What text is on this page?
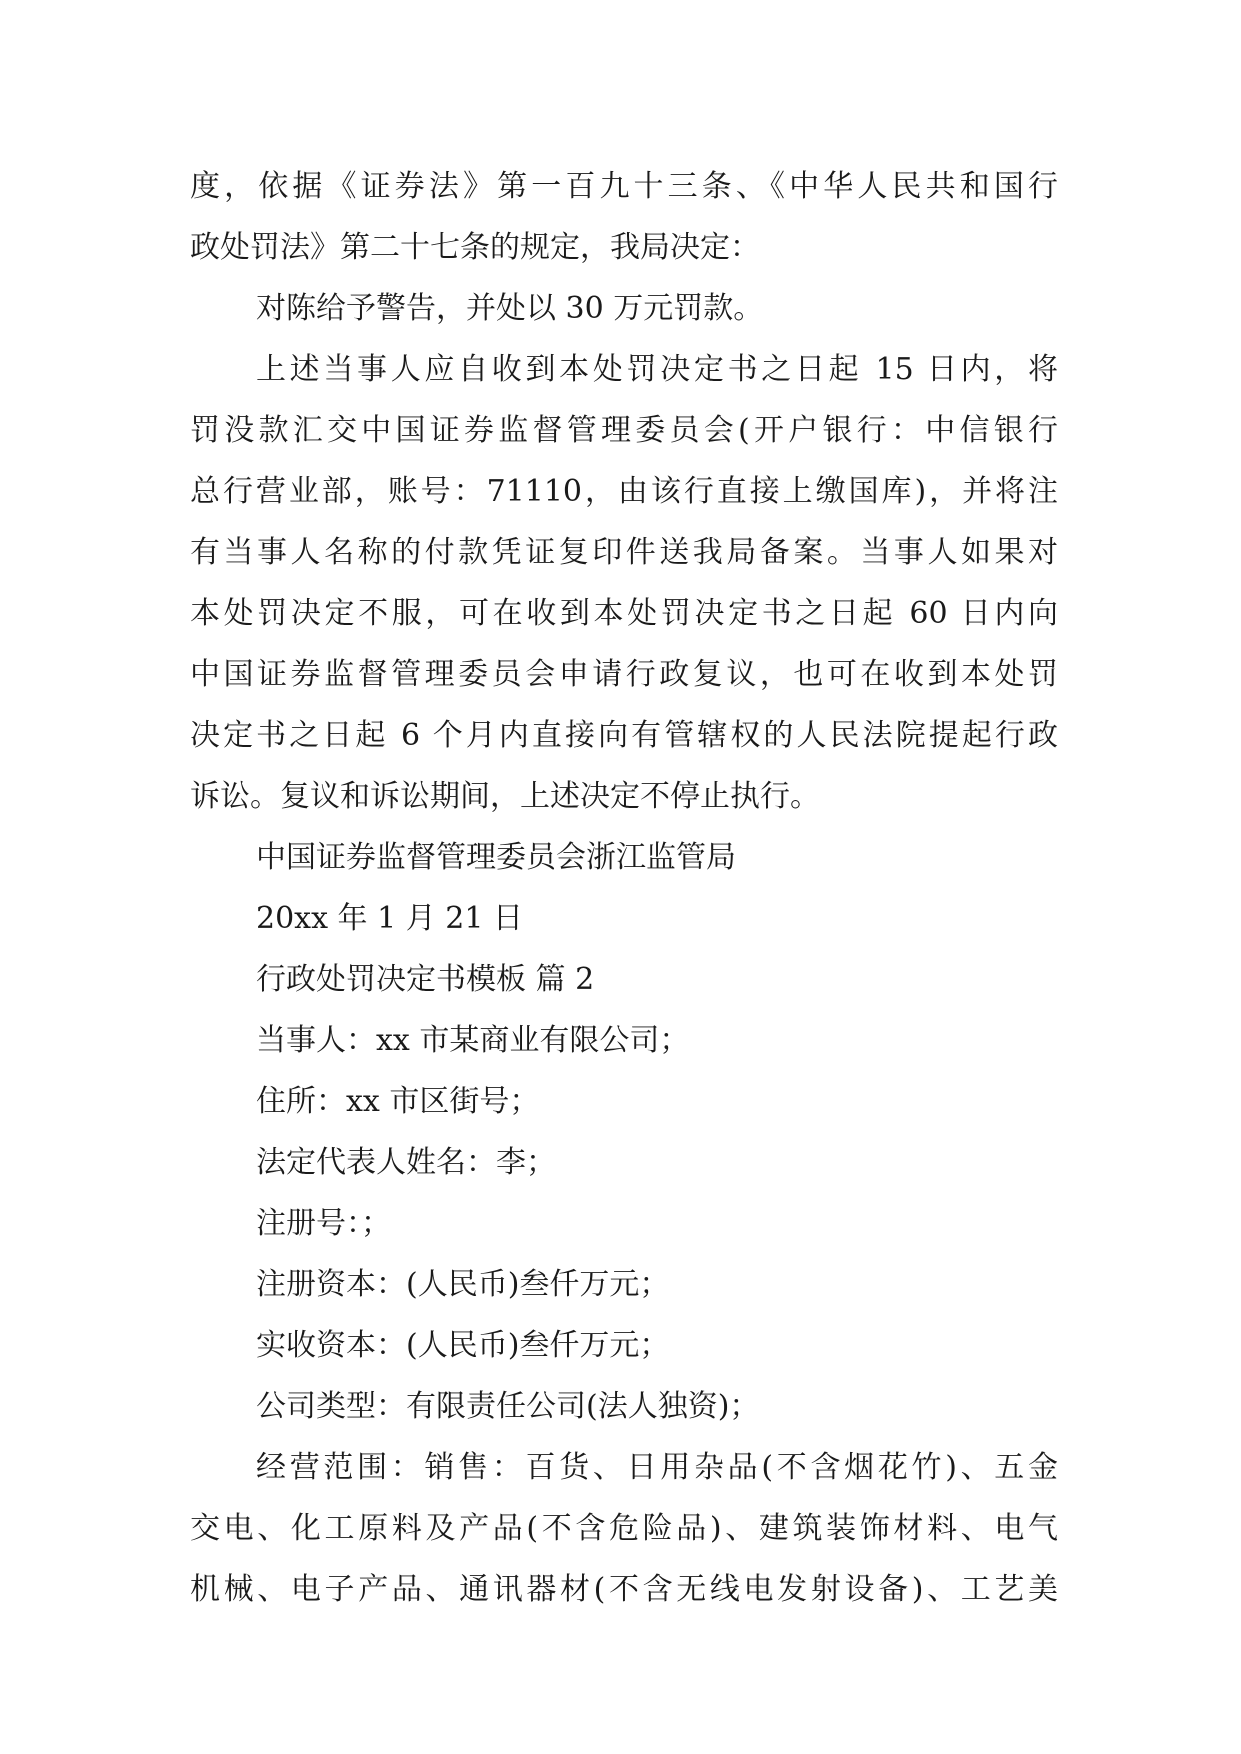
度，依据《证券法》第一百九十三条、《中华人民共和国行
政处罚法》第二十七条的规定，我局决定：
对陈给予警告，并处以 30 万元罚款。
上述当事人应自收到本处罚决定书之日起 15 日内，将
罚没款汇交中国证券监督管理委员会(开户银行：中信银行
总行营业部，账号：71110，由该行直接上缴国库)，并将注
有当事人名称的付款凭证复印件送我局备案。当事人如果对
本处罚决定不服，可在收到本处罚决定书之日起 60 日内向
中国证券监督管理委员会申请行政复议，也可在收到本处罚
决定书之日起 6 个月内直接向有管辖权的人民法院提起行政
诉讼。复议和诉讼期间，上述决定不停止执行。
中国证券监督管理委员会浙江监管局
20xx 年 1 月 21 日
行政处罚决定书模板 篇 2
当事人：xx 市某商业有限公司；
住所：xx 市区街号；
法定代表人姓名：李；
注册号：；
注册资本：(人民币)叁仟万元；
实收资本：(人民币)叁仟万元；
公司类型：有限责任公司(法人独资)；
经营范围：销售：百货、日用杂品(不含烟花竹)、五金
交电、化工原料及产品(不含危险品)、建筑装饰材料、电气
机械、电子产品、通讯器材(不含无线电发射设备)、工艺美
